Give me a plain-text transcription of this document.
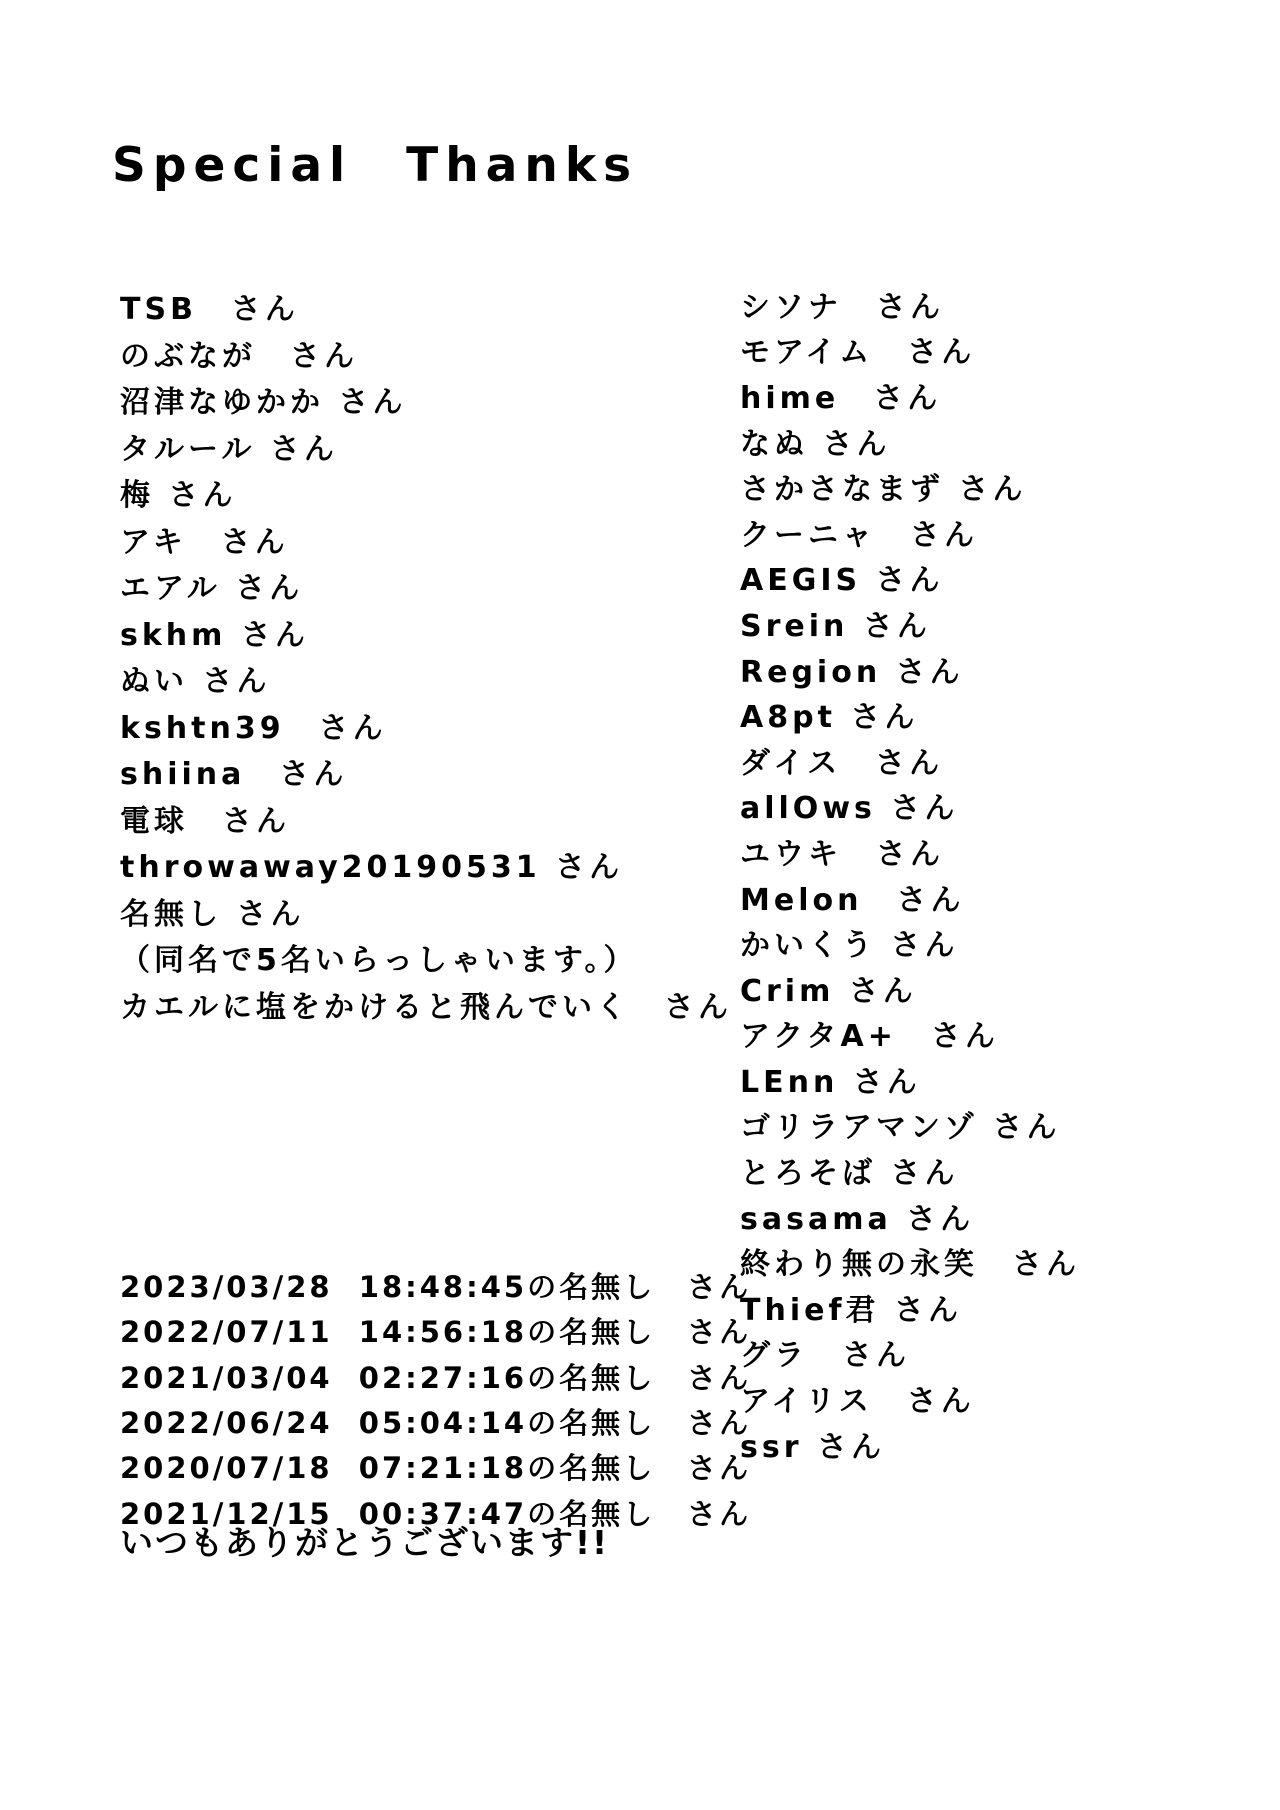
Special　Thanks
TSB　さん
のぶなが　さん
沼津なゆかか さん
タルール さん
梅 さん
アキ　さん
エアル さん
skhm さん
ぬい さん
kshtn39　さん
shiina　さん
電球　さん
throwaway20190531 さん
名無し さん
（同名で5名いらっしゃいます。）
カエルに塩をかけると飛んでいく　さん
シソナ　さん
モアイム　さん
hime　さん
なぬ さん
さかさなまず さん
クーニャ　さん
AEGIS さん
Srein さん
Region さん
A8pt さん
ダイス　さん
allOws さん
ユウキ　さん
Melon　さん
かいくう さん
Crim さん
アクタA+　さん
LEnn さん
ゴリラアマンゾ さん
とろそば さん
sasama さん
終わり無の永笑　さん
Thief君 さん
グラ　さん
アイリス　さん
ssr さん
2023/03/28  18:48:45の名無し　さん
2022/07/11  14:56:18の名無し　さん
2021/03/04  02:27:16の名無し　さん
2022/06/24  05:04:14の名無し　さん
2020/07/18  07:21:18の名無し　さん
2021/12/15  00:37:47の名無し　さん
いつもありがとうございます!!
